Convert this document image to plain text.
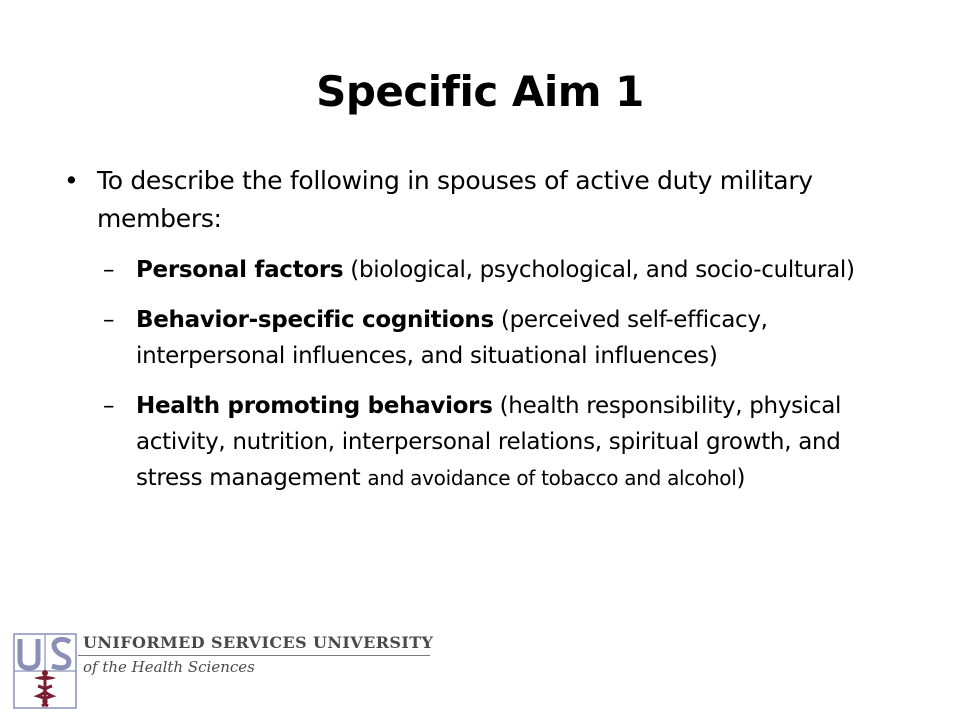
Specific Aim 1
• To describe the following in spouses of active duty military members:
– Personal factors (biological, psychological, and socio-cultural)
– Behavior-specific cognitions (perceived self-efficacy, interpersonal influences, and situational influences)
– Health promoting behaviors (health responsibility, physical activity, nutrition, interpersonal relations, spiritual growth, and stress management and avoidance of tobacco and alcohol)
UNIFORMED SERVICES UNIVERSITY
of the Health Sciences
